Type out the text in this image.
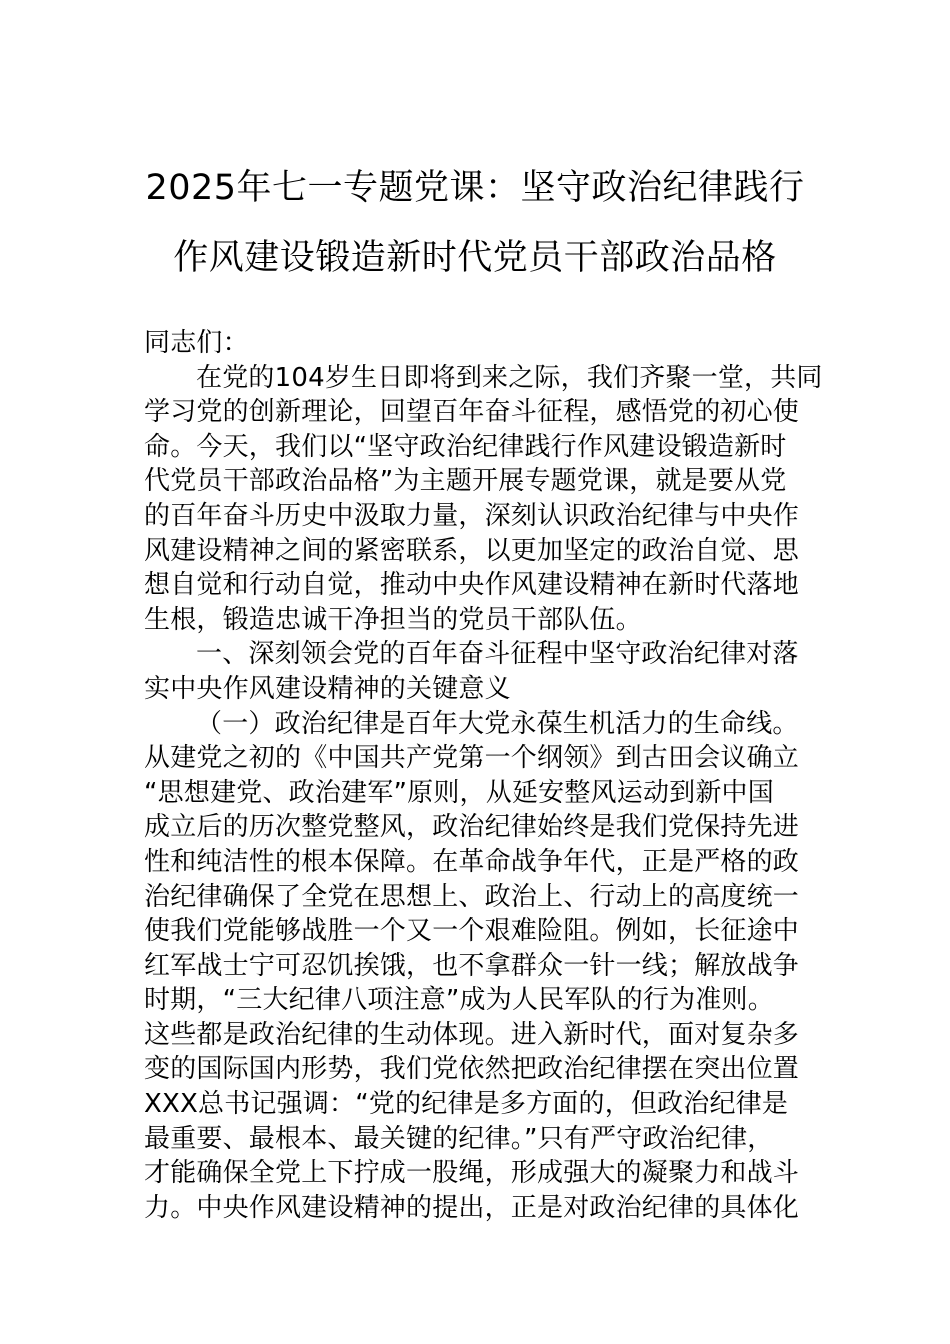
2025年七一专题党课：坚守政治纪律践行
作风建设锻造新时代党员干部政治品格
同志们：
在党的104岁生日即将到来之际，我们齐聚一堂，共同
学习党的创新理论，回望百年奋斗征程，感悟党的初心使
命。今天，我们以“坚守政治纪律践行作风建设锻造新时
代党员干部政治品格”为主题开展专题党课，就是要从党
的百年奋斗历史中汲取力量，深刻认识政治纪律与中央作
风建设精神之间的紧密联系，以更加坚定的政治自觉、思
想自觉和行动自觉，推动中央作风建设精神在新时代落地
生根，锻造忠诚干净担当的党员干部队伍。
一、深刻领会党的百年奋斗征程中坚守政治纪律对落
实中央作风建设精神的关键意义
（一）政治纪律是百年大党永葆生机活力的生命线。
从建党之初的《中国共产党第一个纲领》到古田会议确立
“思想建党、政治建军”原则，从延安整风运动到新中国
成立后的历次整党整风，政治纪律始终是我们党保持先进
性和纯洁性的根本保障。在革命战争年代，正是严格的政
治纪律确保了全党在思想上、政治上、行动上的高度统一
使我们党能够战胜一个又一个艰难险阻。例如，长征途中
红军战士宁可忍饥挨饿，也不拿群众一针一线；解放战争
时期，“三大纪律八项注意”成为人民军队的行为准则。
这些都是政治纪律的生动体现。进入新时代，面对复杂多
变的国际国内形势，我们党依然把政治纪律摆在突出位置
XXX总书记强调：“党的纪律是多方面的，但政治纪律是
最重要、最根本、最关键的纪律。”只有严守政治纪律，
才能确保全党上下拧成一股绳，形成强大的凝聚力和战斗
力。中央作风建设精神的提出，正是对政治纪律的具体化
